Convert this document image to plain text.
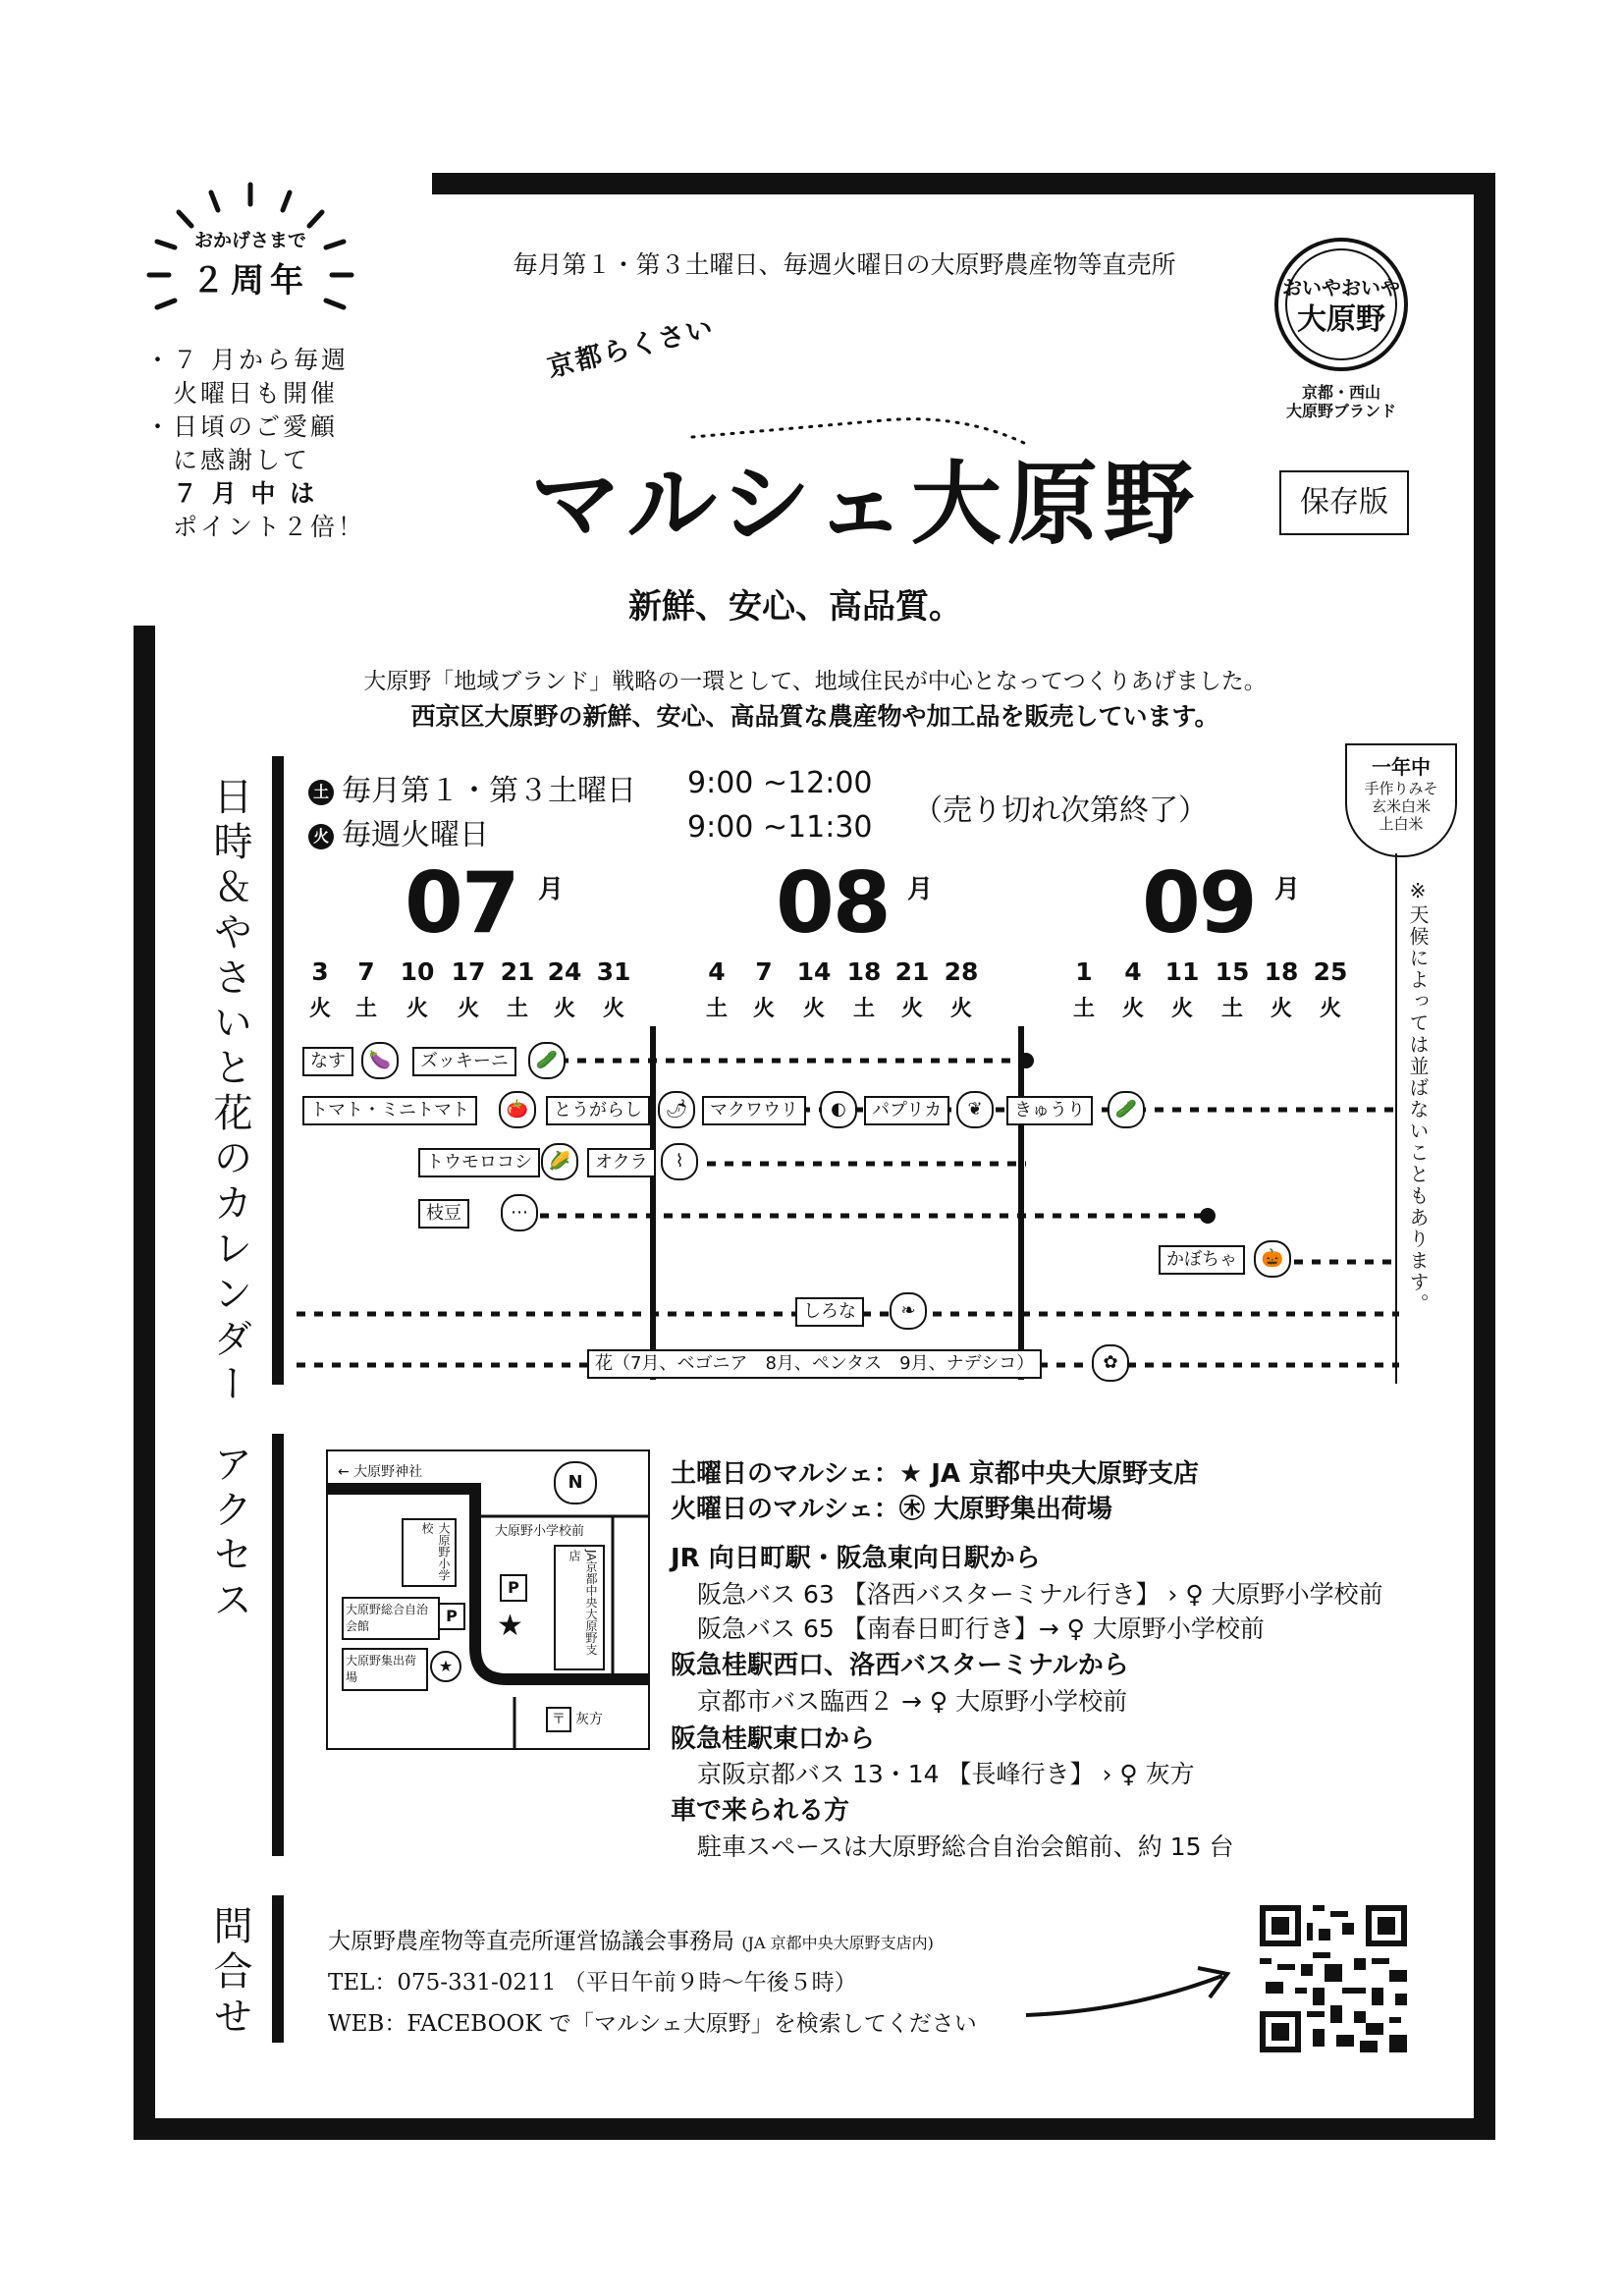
おかげさまで
２周年
・７ 月から毎週
　火曜日も開催
・日頃のご愛顧
　に感謝して
　７ 月 中 は
　ポイント２倍！
毎月第１・第３土曜日、毎週火曜日の大原野農産物等直売所
京都らくさい
マルシェ大原野
新鮮、安心、高品質。
保存版
おいやおいや
大原野
京都・西山
大原野ブランド
大原野「地域ブランド」戦略の一環として、地域住民が中心となってつくりあげました。
西京区大原野の新鮮、安心、高品質な農産物や加工品を販売しています。
日時＆やさいと花のカレンダー	土 毎月第１・第３土曜日 9:00 ~12:00
火 毎週火曜日	9:00 ~11:30 （売り切れ次第終了）
一年中
手作りみそ
玄米白米
上白米
※天候によっては並ばないこともあります。
07 月	08 月 09 月
3	7	10 17 21 24 31
火	土	火	火	土	火	火
4	7 14 18 21 28
土	火	火	土	火	火
1	4 11 15 18 25
土	火	火	土	火	火
なす	🍆	ズッキーニ	🥒
トマト・ミニトマト	🍅	とうがらし	🌶	マクワウリ	◐	パプリカ	❦	きゅうり	🥒
トウモロコシ 🌽	オクラ	⌇
枝豆	⋯
かぼちゃ	🎃
しろな	❧
花（7月、ベゴニア　8月、ペンタス　9月、ナデシコ）	✿
アクセス	← 大原野神社	N
大原野小学校前
大原野小学校
JA京都中央大原野支店
P
★
大原野総合自治会館
P
大原野集出荷場
★
〒 灰方
土曜日のマルシェ：★ JA 京都中央大原野支店
火曜日のマルシェ：㊍ 大原野集出荷場
JR 向日町駅・阪急東向日駅から
阪急バス 63 【洛西バスターミナル行き】 › ♀ 大原野小学校前
阪急バス 65 【南春日町行き】→ ♀ 大原野小学校前
阪急桂駅西口、洛西バスターミナルから
京都市バス臨西２ → ♀ 大原野小学校前
阪急桂駅東口から
京阪京都バス 13・14 【長峰行き】 › ♀ 灰方
車で来られる方
駐車スペースは大原野総合自治会館前、約 15 台
問合せ	大原野農産物等直売所運営協議会事務局 (JA 京都中央大原野支店内)
TEL：075-331-0211 （平日午前９時～午後５時）
WEB：FACEBOOK で「マルシェ大原野」を検索してください
